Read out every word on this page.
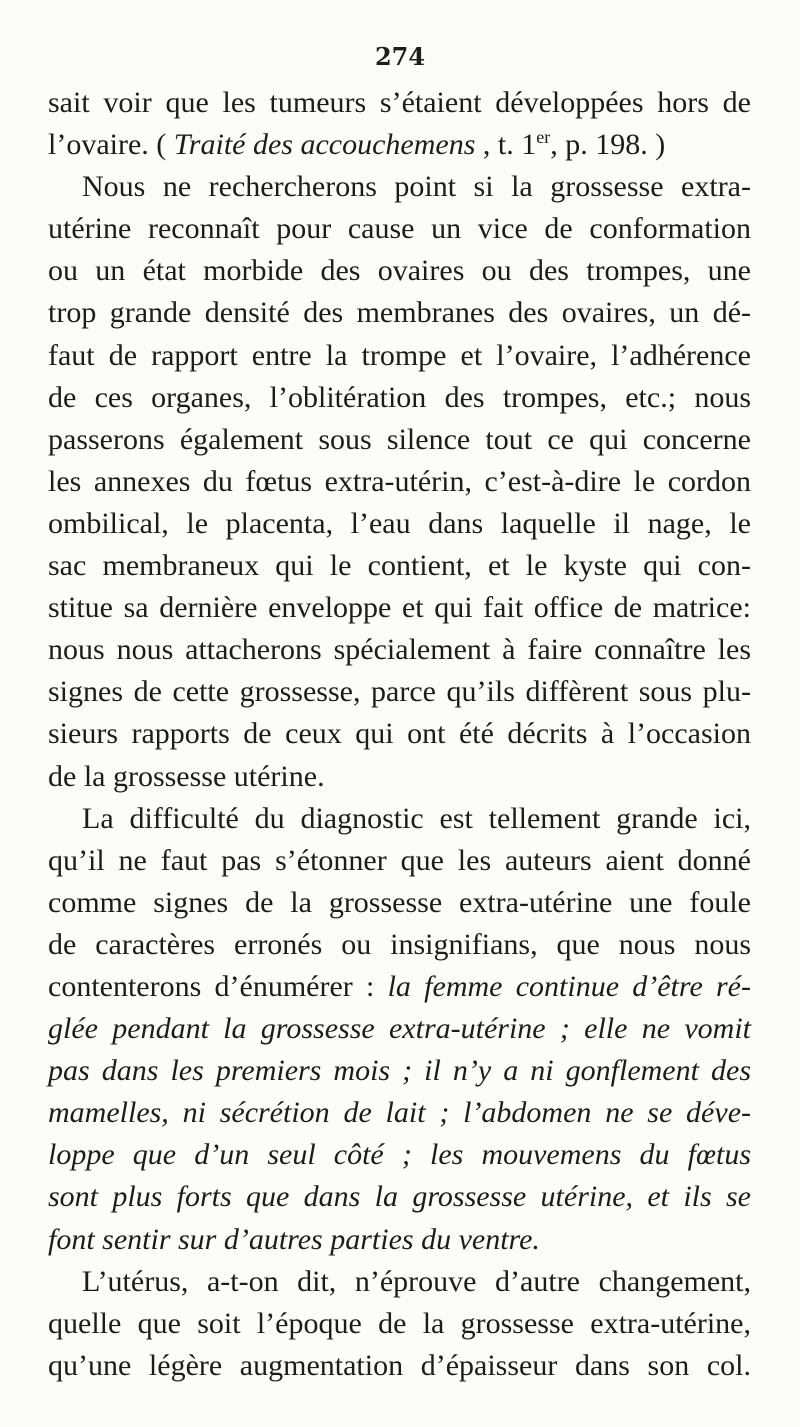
274
sait voir que les tumeurs s’étaient développées hors de
l’ovaire. ( Traité des accouchemens , t. 1er, p. 198. )
Nous ne rechercherons point si la grossesse extra-
utérine reconnaît pour cause un vice de conformation
ou un état morbide des ovaires ou des trompes, une
trop grande densité des membranes des ovaires, un dé-
faut de rapport entre la trompe et l’ovaire, l’adhérence
de ces organes, l’oblitération des trompes, etc.; nous
passerons également sous silence tout ce qui concerne
les annexes du fœtus extra-utérin, c’est-à-dire le cordon
ombilical, le placenta, l’eau dans laquelle il nage, le
sac membraneux qui le contient, et le kyste qui con-
stitue sa dernière enveloppe et qui fait office de matrice:
nous nous attacherons spécialement à faire connaître les
signes de cette grossesse, parce qu’ils diffèrent sous plu-
sieurs rapports de ceux qui ont été décrits à l’occasion
de la grossesse utérine.
La difficulté du diagnostic est tellement grande ici,
qu’il ne faut pas s’étonner que les auteurs aient donné
comme signes de la grossesse extra-utérine une foule
de caractères erronés ou insignifians, que nous nous
contenterons d’énumérer : la femme continue d’être ré-
glée pendant la grossesse extra-utérine ; elle ne vomit
pas dans les premiers mois ; il n’y a ni gonflement des
mamelles, ni sécrétion de lait ; l’abdomen ne se déve-
loppe que d’un seul côté ; les mouvemens du fœtus
sont plus forts que dans la grossesse utérine, et ils se
font sentir sur d’autres parties du ventre.
L’utérus, a-t-on dit, n’éprouve d’autre changement,
quelle que soit l’époque de la grossesse extra-utérine,
qu’une légère augmentation d’épaisseur dans son col.
